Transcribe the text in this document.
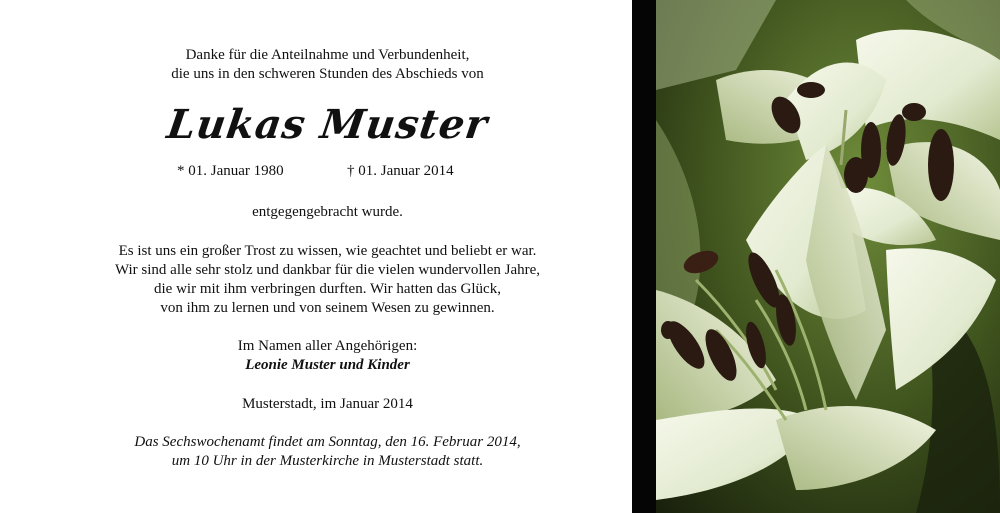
Danke für die Anteilnahme und Verbundenheit,
die uns in den schweren Stunden des Abschieds von
Lukas Muster
* 01. Januar 1980	† 01. Januar 2014
entgegengebracht wurde.
Es ist uns ein großer Trost zu wissen, wie geachtet und beliebt er war.
Wir sind alle sehr stolz und dankbar für die vielen wundervollen Jahre,
die wir mit ihm verbringen durften. Wir hatten das Glück,
von ihm zu lernen und von seinem Wesen zu gewinnen.
Im Namen aller Angehörigen:
Leonie Muster und Kinder
Musterstadt, im Januar 2014
Das Sechswochenamt findet am Sonntag, den 16. Februar 2014,
um 10 Uhr in der Musterkirche in Musterstadt statt.
